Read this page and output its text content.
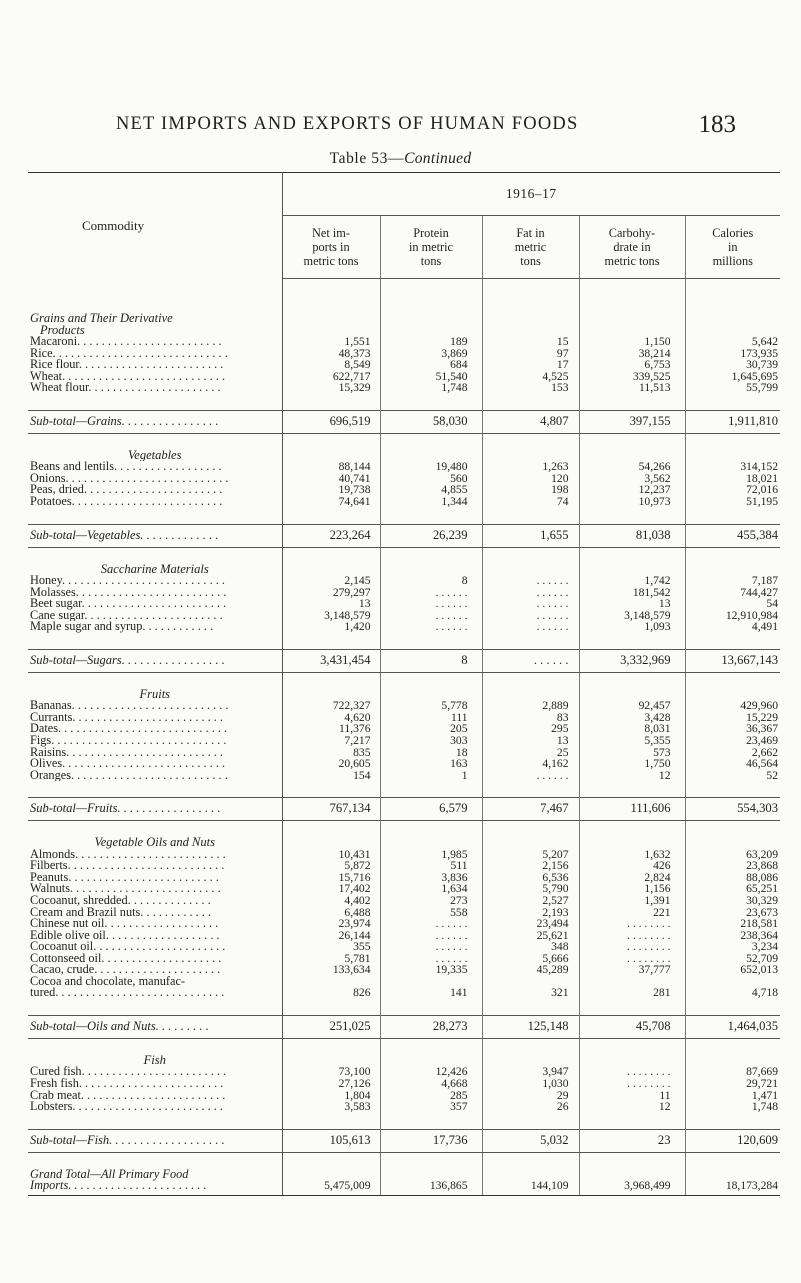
NET IMPORTS AND EXPORTS OF HUMAN FOODS	183
Table 53—Continued
Commodity	1916–17				
	Net im-
ports in
metric tons	Protein
in metric
tons	Fat in
metric
tons	Carbohy-
drate in
metric tons	Calories
in
millions

Grains and Their Derivative					
Products					
Macaroni. . . . . . . . . . . . . . . . . . . . . . . .	1,551	189	15	1,150	5,642
Rice. . . . . . . . . . . . . . . . . . . . . . . . . . . . .	48,373	3,869	97	38,214	173,935
Rice flour. . . . . . . . . . . . . . . . . . . . . . . .	8,549	684	17	6,753	30,739
Wheat. . . . . . . . . . . . . . . . . . . . . . . . . . .	622,717	51,540	4,525	339,525	1,645,695
Wheat flour. . . . . . . . . . . . . . . . . . . . . .	15,329	1,748	153	11,513	55,799

Sub-total—Grains. . . . . . . . . . . . . . . .	696,519	58,030	4,807	397,155	1,911,810

Vegetables					
Beans and lentils. . . . . . . . . . . . . . . . . .	88,144	19,480	1,263	54,266	314,152
Onions. . . . . . . . . . . . . . . . . . . . . . . . . . .	40,741	560	120	3,562	18,021
Peas, dried. . . . . . . . . . . . . . . . . . . . . . .	19,738	4,855	198	12,237	72,016
Potatoes. . . . . . . . . . . . . . . . . . . . . . . . .	74,641	1,344	74	10,973	51,195

Sub-total—Vegetables. . . . . . . . . . . . .	223,264	26,239	1,655	81,038	455,384

Saccharine Materials					
Honey. . . . . . . . . . . . . . . . . . . . . . . . . . .	2,145	8	. . . . . .	1,742	7,187
Molasses. . . . . . . . . . . . . . . . . . . . . . . . .	279,297	. . . . . .	. . . . . .	181,542	744,427
Beet sugar. . . . . . . . . . . . . . . . . . . . . . . .	13	. . . . . .	. . . . . .	13	54
Cane sugar. . . . . . . . . . . . . . . . . . . . . . .	3,148,579	. . . . . .	. . . . . .	3,148,579	12,910,984
Maple sugar and syrup. . . . . . . . . . . .	1,420	. . . . . .	. . . . . .	1,093	4,491

Sub-total—Sugars. . . . . . . . . . . . . . . . .	3,431,454	8	. . . . . .	3,332,969	13,667,143

Fruits					
Bananas. . . . . . . . . . . . . . . . . . . . . . . . . .	722,327	5,778	2,889	92,457	429,960
Currants. . . . . . . . . . . . . . . . . . . . . . . . .	4,620	111	83	3,428	15,229
Dates. . . . . . . . . . . . . . . . . . . . . . . . . . . .	11,376	205	295	8,031	36,367
Figs. . . . . . . . . . . . . . . . . . . . . . . . . . . . .	7,217	303	13	5,355	23,469
Raisins. . . . . . . . . . . . . . . . . . . . . . . . . .	835	18	25	573	2,662
Olives. . . . . . . . . . . . . . . . . . . . . . . . . . .	20,605	163	4,162	1,750	46,564
Oranges. . . . . . . . . . . . . . . . . . . . . . . . . .	154	1	. . . . . .	12	52

Sub-total—Fruits. . . . . . . . . . . . . . . . .	767,134	6,579	7,467	111,606	554,303

Vegetable Oils and Nuts					
Almonds. . . . . . . . . . . . . . . . . . . . . . . . .	10,431	1,985	5,207	1,632	63,209
Filberts. . . . . . . . . . . . . . . . . . . . . . . . . .	5,872	511	2,156	426	23,868
Peanuts. . . . . . . . . . . . . . . . . . . . . . . . .	15,716	3,836	6,536	2,824	88,086
Walnuts. . . . . . . . . . . . . . . . . . . . . . . . .	17,402	1,634	5,790	1,156	65,251
Cocoanut, shredded. . . . . . . . . . . . . .	4,402	273	2,527	1,391	30,329
Cream and Brazil nuts. . . . . . . . . . . .	6,488	558	2,193	221	23,673
Chinese nut oil. . . . . . . . . . . . . . . . . . .	23,974	. . . . . .	23,494	. . . . . . . .	218,581
Edible olive oil. . . . . . . . . . . . . . . . . . .	26,144	. . . . . .	25,621	. . . . . . . .	238,364
Cocoanut oil. . . . . . . . . . . . . . . . . . . . . .	355	. . . . . .	348	. . . . . . . .	3,234
Cottonseed oil. . . . . . . . . . . . . . . . . . . .	5,781	. . . . . .	5,666	. . . . . . . .	52,709
Cacao, crude. . . . . . . . . . . . . . . . . . . . .	133,634	19,335	45,289	37,777	652,013
Cocoa and chocolate, manufac-					
tured. . . . . . . . . . . . . . . . . . . . . . . . . . . .	826	141	321	281	4,718

Sub-total—Oils and Nuts. . . . . . . . .	251,025	28,273	125,148	45,708	1,464,035

Fish					
Cured fish. . . . . . . . . . . . . . . . . . . . . . . .	73,100	12,426	3,947	. . . . . . . .	87,669
Fresh fish. . . . . . . . . . . . . . . . . . . . . . . .	27,126	4,668	1,030	. . . . . . . .	29,721
Crab meat. . . . . . . . . . . . . . . . . . . . . . . .	1,804	285	29	11	1,471
Lobsters. . . . . . . . . . . . . . . . . . . . . . . . .	3,583	357	26	12	1,748

Sub-total—Fish. . . . . . . . . . . . . . . . . . .	105,613	17,736	5,032	23	120,609

Grand Total—All Primary Food
Imports. . . . . . . . . . . . . . . . . . . . . . .	5,475,009	136,865	144,109	3,968,499	18,173,284
